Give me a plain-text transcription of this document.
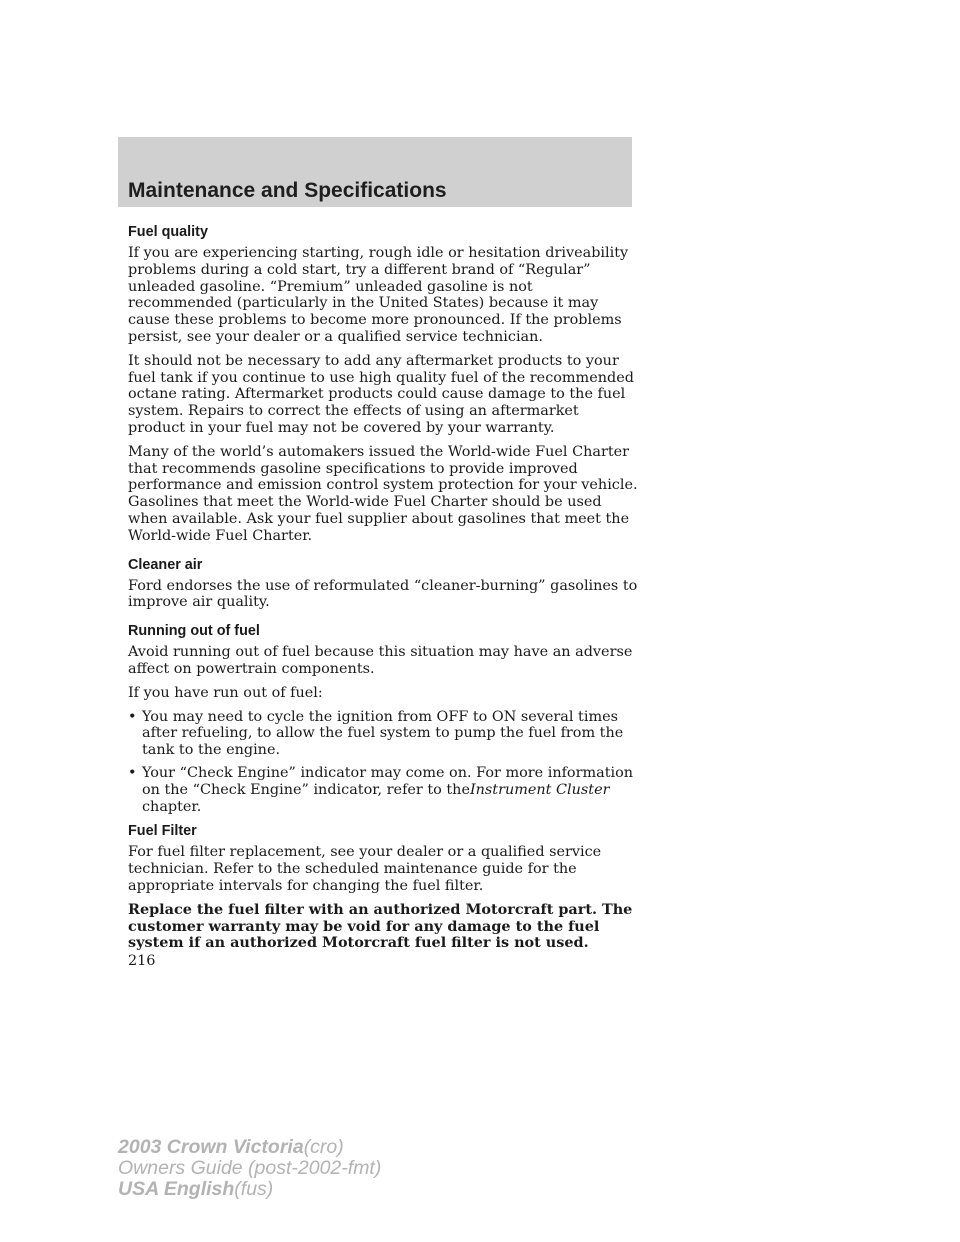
Maintenance and Specifications
Fuel quality

If you are experiencing starting, rough idle or hesitation driveability problems during a cold start, try a different brand of “Regular” unleaded gasoline. “Premium” unleaded gasoline is not recommended (particularly in the United States) because it may cause these problems to become more pronounced. If the problems persist, see your dealer or a qualified service technician.

It should not be necessary to add any aftermarket products to your fuel tank if you continue to use high quality fuel of the recommended octane rating. Aftermarket products could cause damage to the fuel system. Repairs to correct the effects of using an aftermarket product in your fuel may not be covered by your warranty.

Many of the world’s automakers issued the World-wide Fuel Charter that recommends gasoline specifications to provide improved performance and emission control system protection for your vehicle. Gasolines that meet the World-wide Fuel Charter should be used when available. Ask your fuel supplier about gasolines that meet the World-wide Fuel Charter.

Cleaner air

Ford endorses the use of reformulated “cleaner-burning” gasolines to improve air quality.

Running out of fuel

Avoid running out of fuel because this situation may have an adverse affect on powertrain components.

If you have run out of fuel:

• You may need to cycle the ignition from OFF to ON several times after refueling, to allow the fuel system to pump the fuel from the tank to the engine.
• Your “Check Engine” indicator may come on. For more information on the “Check Engine” indicator, refer to theInstrument Cluster chapter.
Fuel Filter

For fuel filter replacement, see your dealer or a qualified service technician. Refer to the scheduled maintenance guide for the appropriate intervals for changing the fuel filter.

Replace the fuel filter with an authorized Motorcraft part. The customer warranty may be void for any damage to the fuel system if an authorized Motorcraft fuel filter is not used.

216
2003 Crown Victoria(cro)
Owners Guide (post-2002-fmt)
USA English(fus)
